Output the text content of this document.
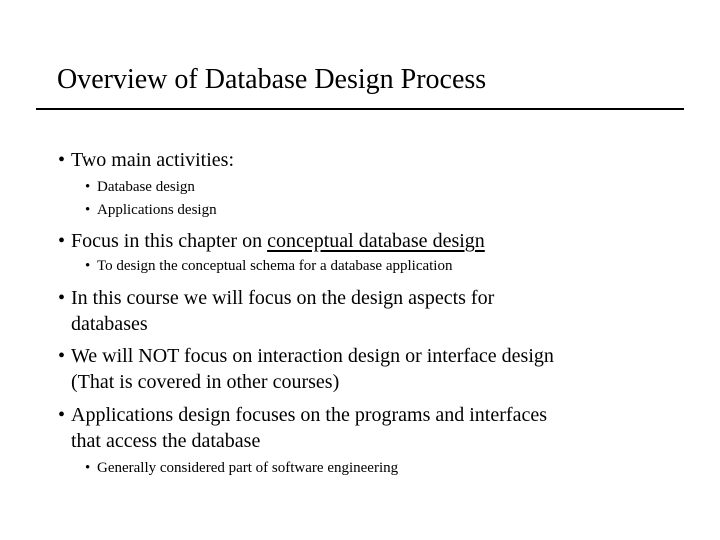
Overview of Database Design Process
• Two main activities:
• Database design
• Applications design
• Focus in this chapter on conceptual database design
• To design the conceptual schema for a database application
• In this course we will focus on the design aspects for
databases
• We will NOT focus on interaction design or interface design
(That is covered in other courses)
• Applications design focuses on the programs and interfaces
that access the database
• Generally considered part of software engineering
